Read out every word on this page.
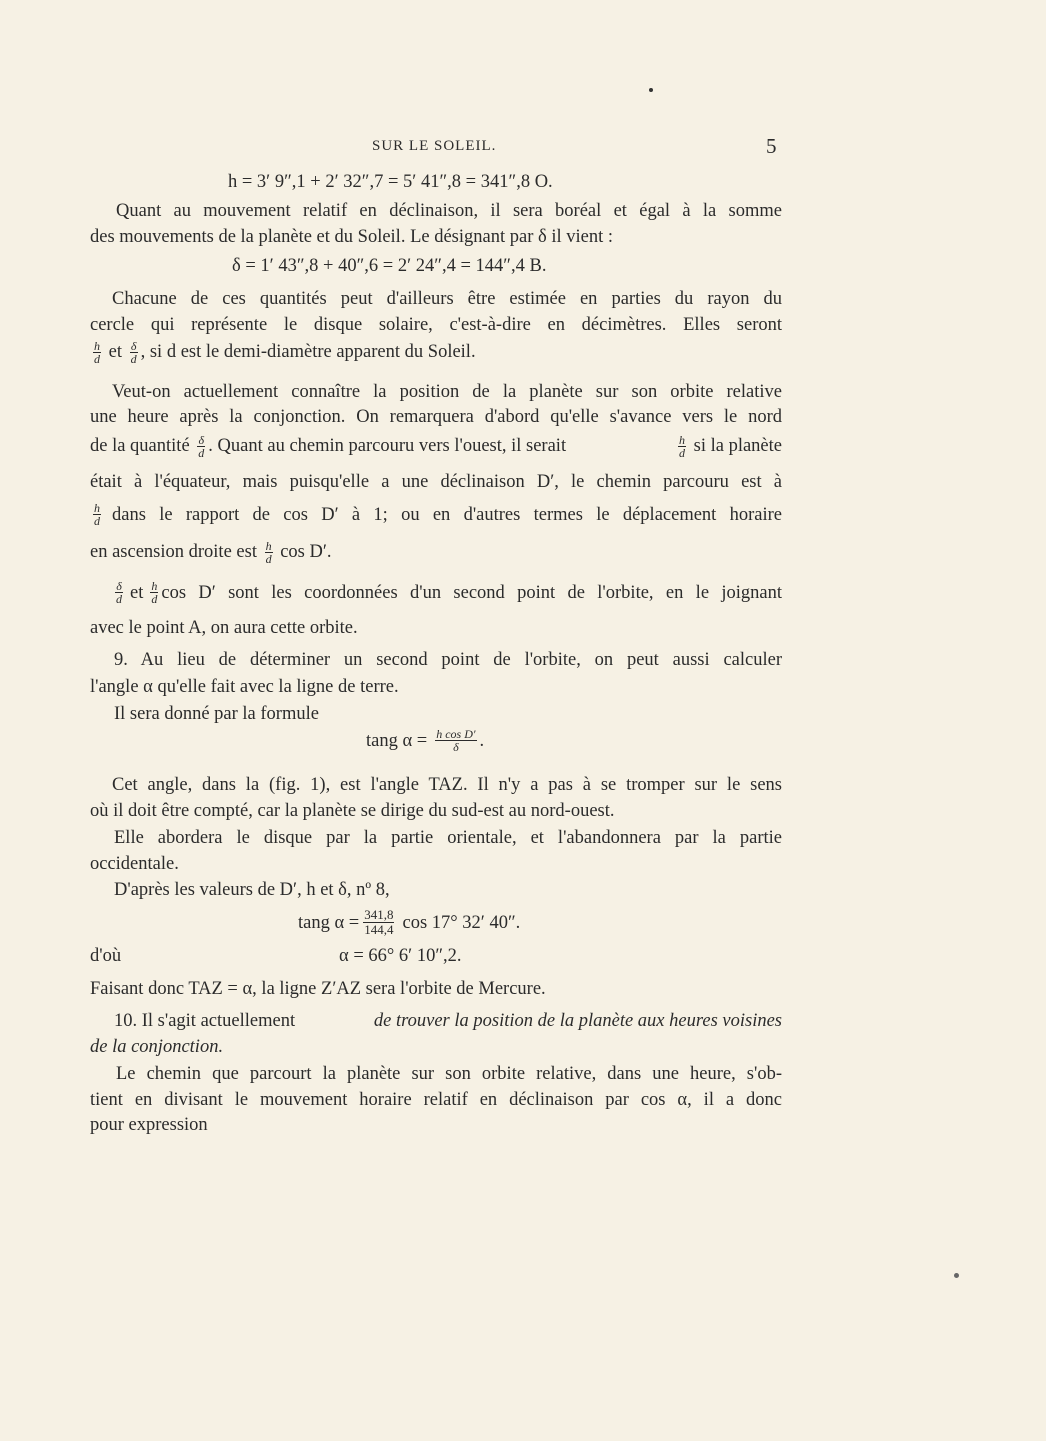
SUR LE SOLEIL.	5
h = 3′ 9″,1 + 2′ 32″,7 = 5′ 41″,8 = 341″,8 O.
Quant au mouvement relatif en déclinaison, il sera boréal et égal à la somme
des mouvements de la planète et du Soleil. Le désignant par δ il vient :
δ = 1′ 43″,8 + 40″,6 = 2′ 24″,4 = 144″,4 B.
Chacune de ces quantités peut d'ailleurs être estimée en parties du rayon du
cercle qui représente le disque solaire, c'est-à-dire en décimètres. Elles seront
$\frac{h}{d}$ et $\frac{\delta}{d}$ , si d est le demi-diamètre apparent du Soleil.
Veut-on actuellement connaître la position de la planète sur son orbite relative
une heure après la conjonction. On remarquera d'abord qu'elle s'avance vers le nord
de la quantité $\frac{\delta}{d}$ . Quant au chemin parcouru vers l'ouest, il serait	$\frac{h}{d}$ si la planète
était à l'équateur, mais puisqu'elle a une déclinaison D′, le chemin parcouru est à
$\frac{h}{d}$ dans le rapport de cos D′ à 1; ou en d'autres termes le déplacement horaire
en ascension droite est $\frac{h}{d}$ cos D′.
$\frac{\delta}{d}$ et $\frac{h}{d}$ cos D′ sont les coordonnées d'un second point de l'orbite, en le joignant
avec le point A, on aura cette orbite.
9. Au lieu de déterminer un second point de l'orbite, on peut aussi calculer
l'angle α qu'elle fait avec la ligne de terre.
Il sera donné par la formule
tang $\alpha = \frac{\text{h cos D′}}{\delta}$ .
Cet angle, dans la (fig. 1), est l'angle TAZ. Il n'y a pas à se tromper sur le sens
où il doit être compté, car la planète se dirige du sud-est au nord-ouest.
Elle abordera le disque par la partie orientale, et l'abandonnera par la partie
occidentale.
D'après les valeurs de D′, h et δ, nº 8,
tang $\alpha = \frac{341,8}{144,4}$ cos 17° 32′ 40″.
d'où	α = 66° 6′ 10″,2.
Faisant donc TAZ = α, la ligne Z′AZ sera l'orbite de Mercure.
10. Il s'agit actuellement	de trouver la position de la planète aux heures voisines
de la conjonction.
Le chemin que parcourt la planète sur son orbite relative, dans une heure, s'ob-
tient en divisant le mouvement horaire relatif en déclinaison par cos α, il a donc
pour expression
